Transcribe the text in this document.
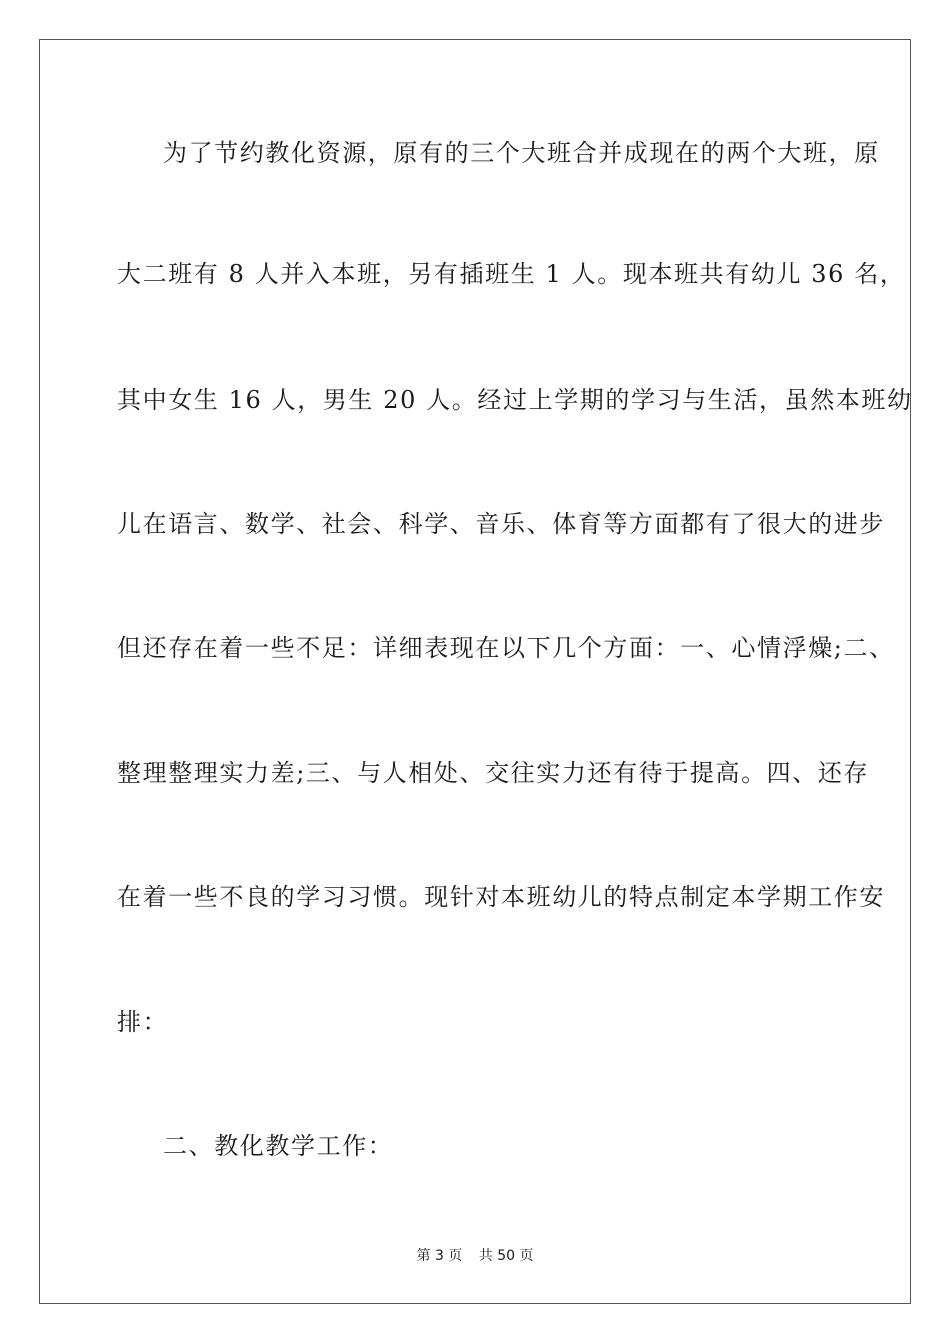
为了节约教化资源，原有的三个大班合并成现在的两个大班，原
大二班有 8 人并入本班，另有插班生 1 人。现本班共有幼儿 36 名，
其中女生 16 人，男生 20 人。经过上学期的学习与生活，虽然本班幼
儿在语言、数学、社会、科学、音乐、体育等方面都有了很大的进步
但还存在着一些不足：详细表现在以下几个方面：一、心情浮燥;二、
整理整理实力差;三、与人相处、交往实力还有待于提高。四、还存
在着一些不良的学习习惯。现针对本班幼儿的特点制定本学期工作安
排：
二、教化教学工作：
第 3 页 共 50 页
